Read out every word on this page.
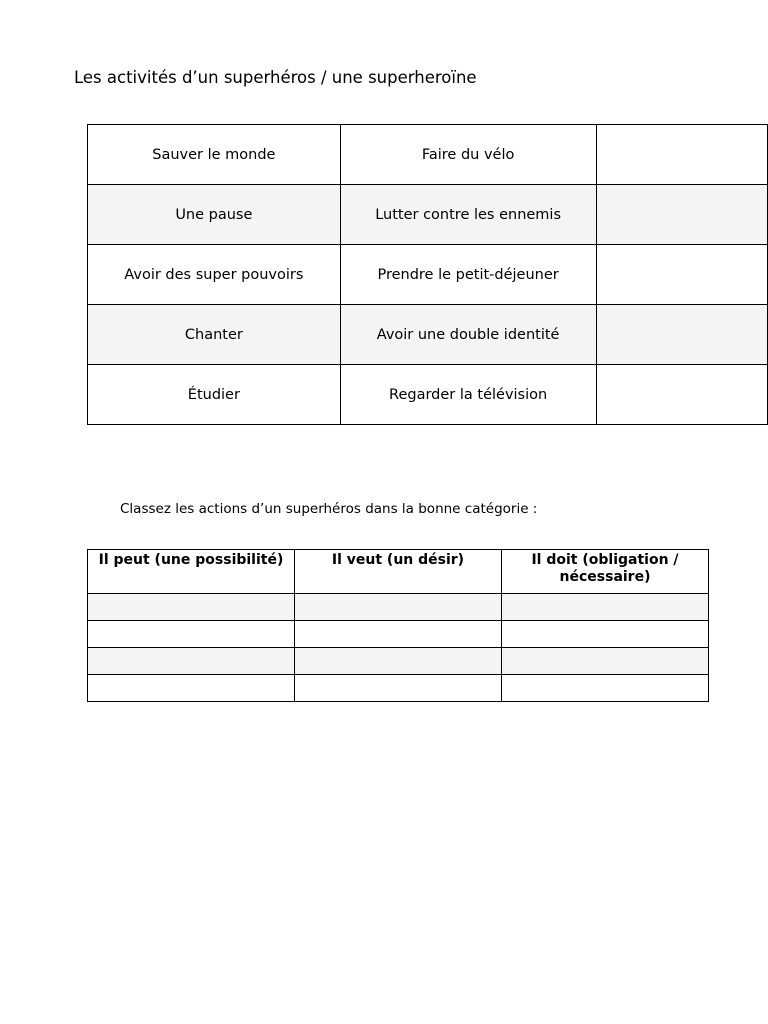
Les activités d’un superhéros / une superheroïne
Sauver le monde	Faire du vélo	
Une pause	Lutter contre les ennemis	
Avoir des super pouvoirs	Prendre le petit-déjeuner	
Chanter	Avoir une double identité	
Étudier	Regarder la télévision	
Classez les actions d’un superhéros dans la bonne catégorie :
Il peut (une possibilité)	Il veut (un désir)	Il doit (obligation / nécessaire)
